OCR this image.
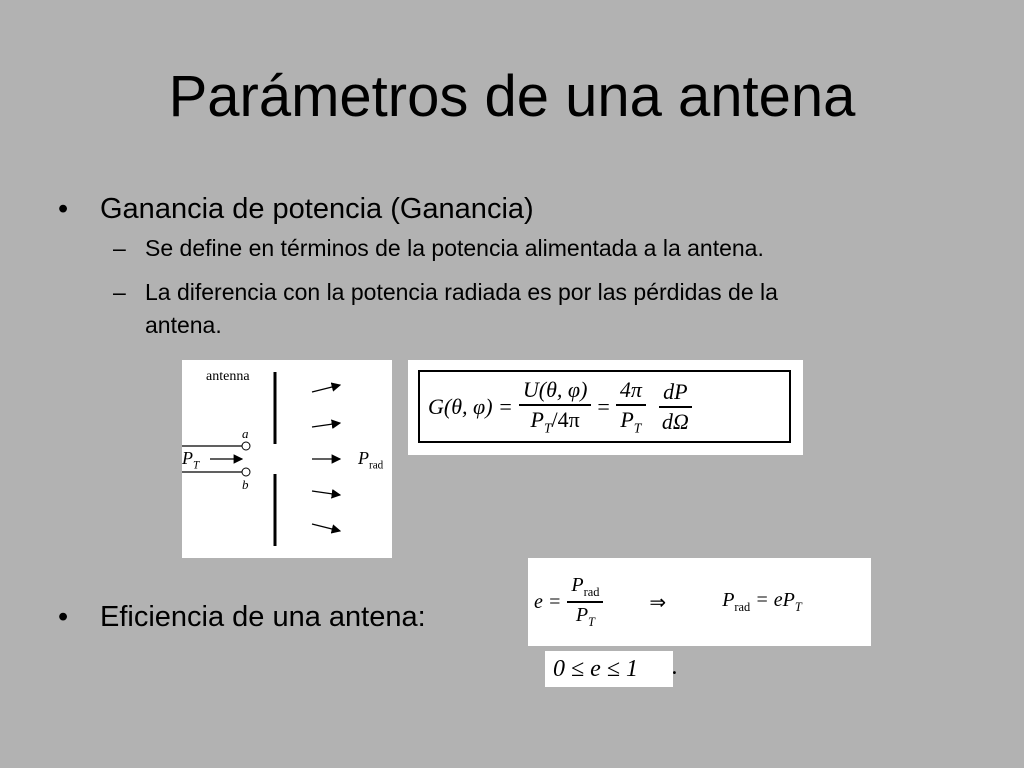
Parámetros de una antena
• Ganancia de potencia (Ganancia)
– Se define en términos de la potencia alimentada a la antena.
– La diferencia con la potencia radiada es por las pérdidas de la
antena.
antenna
a
b
$P_T$	$P_{rad}$
G(θ, $\varphi) = \frac{U(\theta, \varphi)}{P_T/4\pi} = \frac{4\pi}{P_T} \frac{dP}{d\Omega}$
• Eficiencia de una antena:	$e = \frac{P_{rad}}{P_T}$ ⇒	$P_{rad} = eP_T$
0 ≤ e ≤ 1 .
